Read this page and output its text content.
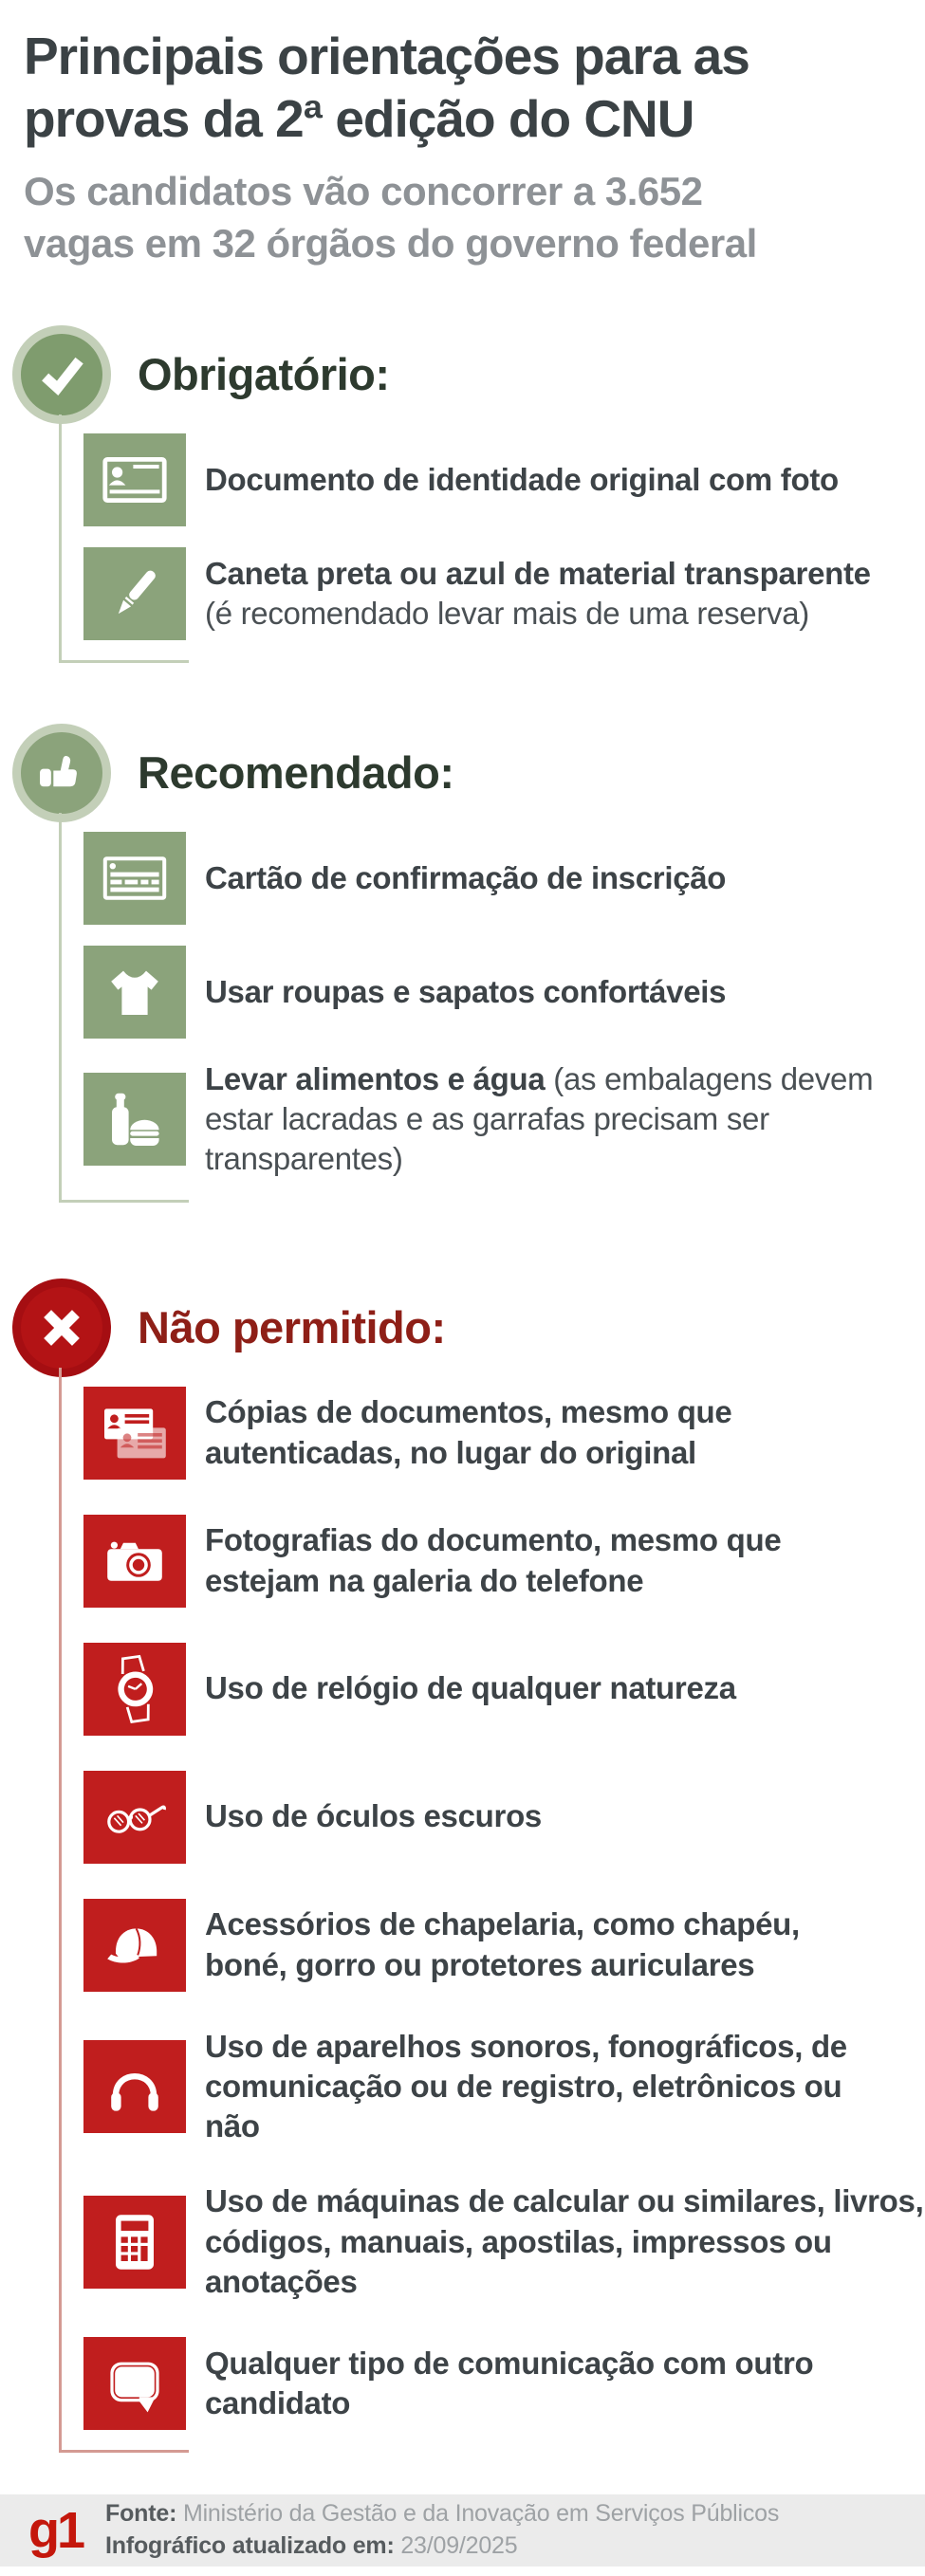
Principais orientações para as
provas da 2ª edição do CNU

Os candidatos vão concorrer a 3.652
vagas em 32 órgãos do governo federal

Obrigatório:

Documento de identidade original com foto

Caneta preta ou azul de material transparente
(é recomendado levar mais de uma reserva)

Recomendado:

Cartão de confirmação de inscrição

Usar roupas e sapatos confortáveis

Levar alimentos e água (as embalagens devem estar lacradas e as garrafas precisam ser transparentes)

Não permitido:

Cópias de documentos, mesmo que autenticadas, no lugar do original

Fotografias do documento, mesmo que estejam na galeria do telefone

Uso de relógio de qualquer natureza

Uso de óculos escuros

Acessórios de chapelaria, como chapéu, boné, gorro ou protetores auriculares

Uso de aparelhos sonoros, fonográficos, de comunicação ou de registro, eletrônicos ou não

Uso de máquinas de calcular ou similares, livros, códigos, manuais, apostilas, impressos ou anotações

Qualquer tipo de comunicação com outro candidato

g1 Fonte: Ministério da Gestão e da Inovação em Serviços Públicos
Infográfico atualizado em: 23/09/2025
